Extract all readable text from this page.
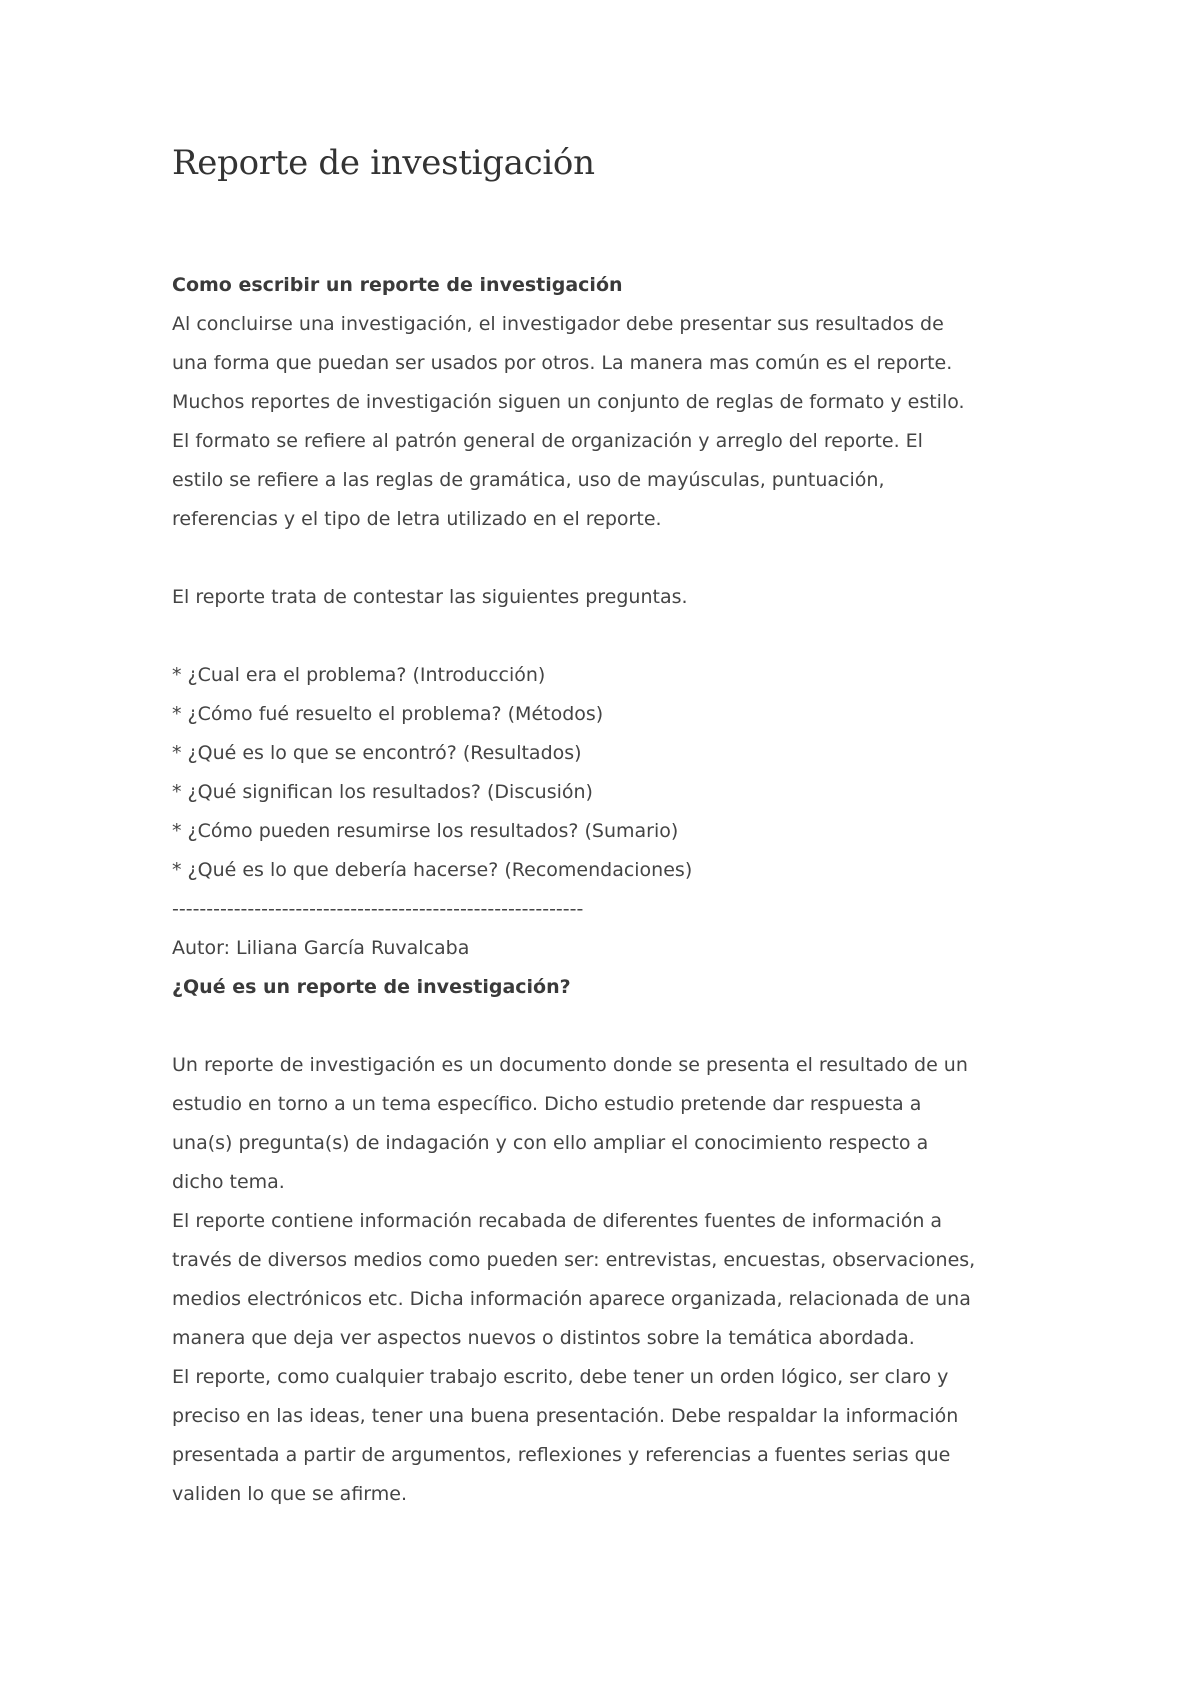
Reporte de investigación
Como escribir un reporte de investigación
Al concluirse una investigación, el investigador debe presentar sus resultados de
una forma que puedan ser usados por otros. La manera mas común es el reporte.
Muchos reportes de investigación siguen un conjunto de reglas de formato y estilo.
El formato se refiere al patrón general de organización y arreglo del reporte. El
estilo se refiere a las reglas de gramática, uso de mayúsculas, puntuación,
referencias y el tipo de letra utilizado en el reporte.
El reporte trata de contestar las siguientes preguntas.
* ¿Cual era el problema? (Introducción)
* ¿Cómo fué resuelto el problema? (Métodos)
* ¿Qué es lo que se encontró? (Resultados)
* ¿Qué significan los resultados? (Discusión)
* ¿Cómo pueden resumirse los resultados? (Sumario)
* ¿Qué es lo que debería hacerse? (Recomendaciones)
------------------------------------------------------------
Autor: Liliana García Ruvalcaba
¿Qué es un reporte de investigación?
Un reporte de investigación es un documento donde se presenta el resultado de un
estudio en torno a un tema específico. Dicho estudio pretende dar respuesta a
una(s) pregunta(s) de indagación y con ello ampliar el conocimiento respecto a
dicho tema.
El reporte contiene información recabada de diferentes fuentes de información a
través de diversos medios como pueden ser: entrevistas, encuestas, observaciones,
medios electrónicos etc. Dicha información aparece organizada, relacionada de una
manera que deja ver aspectos nuevos o distintos sobre la temática abordada.
El reporte, como cualquier trabajo escrito, debe tener un orden lógico, ser claro y
preciso en las ideas, tener una buena presentación. Debe respaldar la información
presentada a partir de argumentos, reflexiones y referencias a fuentes serias que
validen lo que se afirme.
